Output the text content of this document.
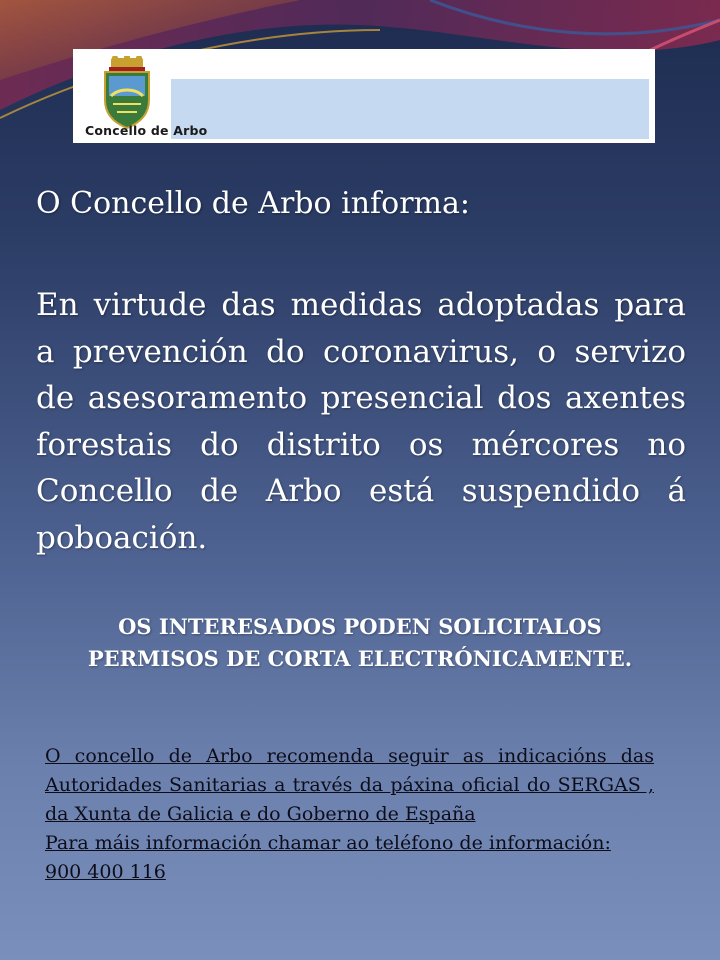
Concello de Arbo
O Concello de Arbo informa:

En virtude das medidas adoptadas para a prevención do coronavirus, o servizo de asesoramento presencial dos axentes forestais do distrito os mércores no Concello de Arbo está suspendido á poboación.

OS INTERESADOS PODEN SOLICITALOS
PERMISOS DE CORTA ELECTRÓNICAMENTE.
O concello de Arbo recomenda seguir as indicacións das Autoridades Sanitarias a través da páxina oficial do SERGAS , da Xunta de Galicia e do Goberno de España
Para máis información chamar ao teléfono de información:
900 400 116
